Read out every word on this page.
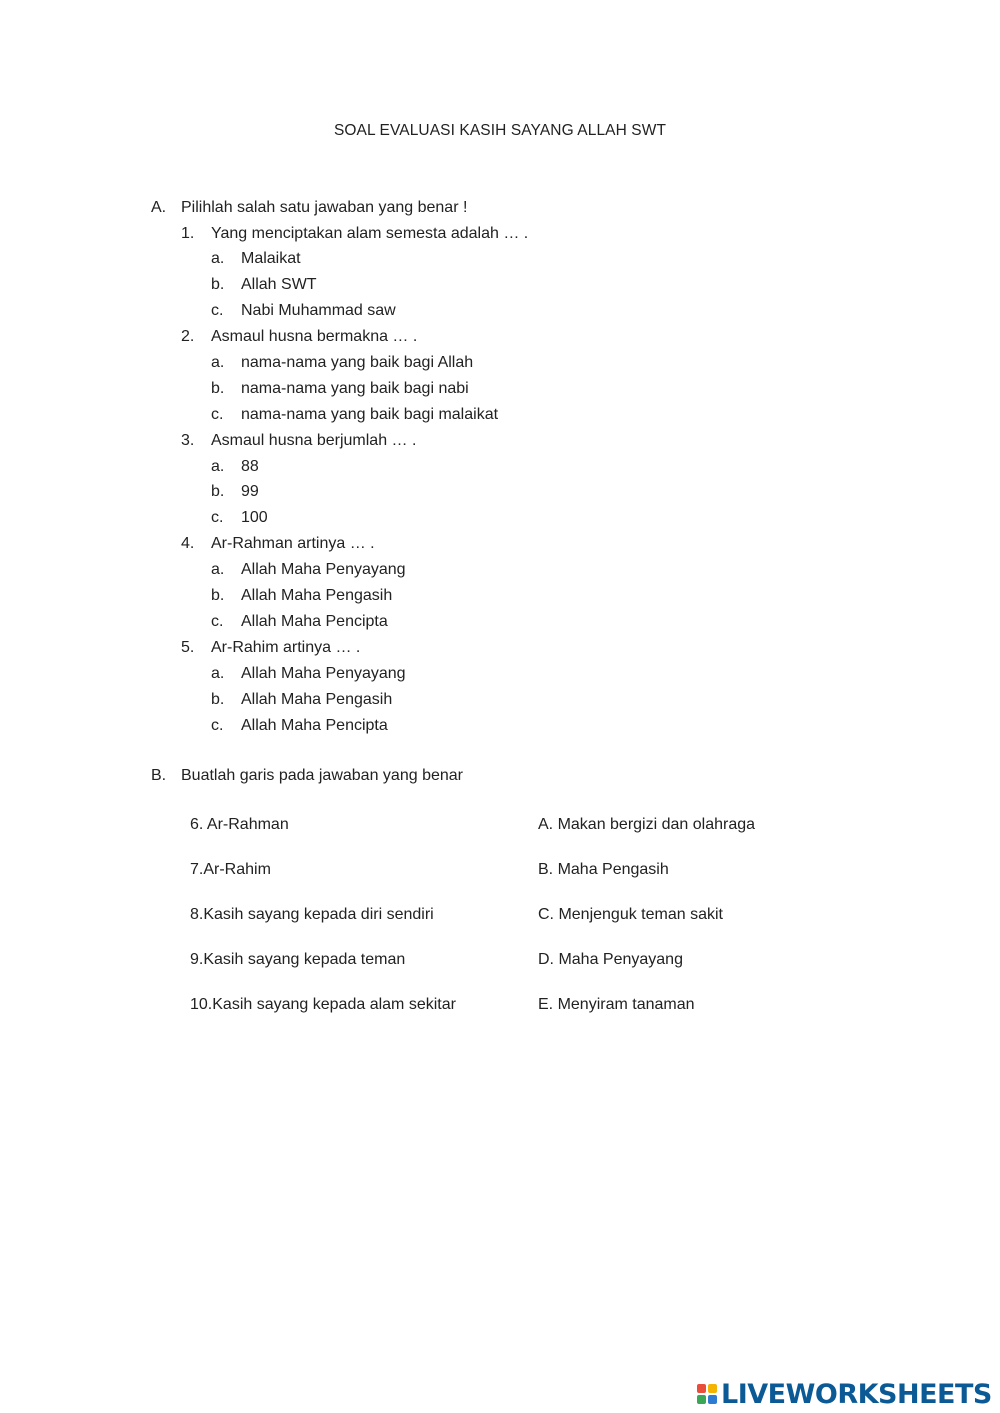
SOAL EVALUASI KASIH SAYANG ALLAH SWT
A. Pilihlah salah satu jawaban yang benar !
1. Yang menciptakan alam semesta adalah … .
a. Malaikat
b. Allah SWT
c. Nabi Muhammad saw
2. Asmaul husna bermakna … .
a. nama-nama yang baik bagi Allah
b. nama-nama yang baik bagi nabi
c. nama-nama yang baik bagi malaikat
3. Asmaul husna berjumlah … .
a. 88
b. 99
c. 100
4. Ar-Rahman artinya … .
a. Allah Maha Penyayang
b. Allah Maha Pengasih
c. Allah Maha Pencipta
5. Ar-Rahim artinya … .
a. Allah Maha Penyayang
b. Allah Maha Pengasih
c. Allah Maha Pencipta
B. Buatlah garis pada jawaban yang benar
6. Ar-Rahman	A. Makan bergizi dan olahraga
7.Ar-Rahim	B. Maha Pengasih
8.Kasih sayang kepada diri sendiri	C. Menjenguk teman sakit
9.Kasih sayang kepada teman	D. Maha Penyayang
10.Kasih sayang kepada alam sekitar	E. Menyiram tanaman
LIVEWORKSHEETS
